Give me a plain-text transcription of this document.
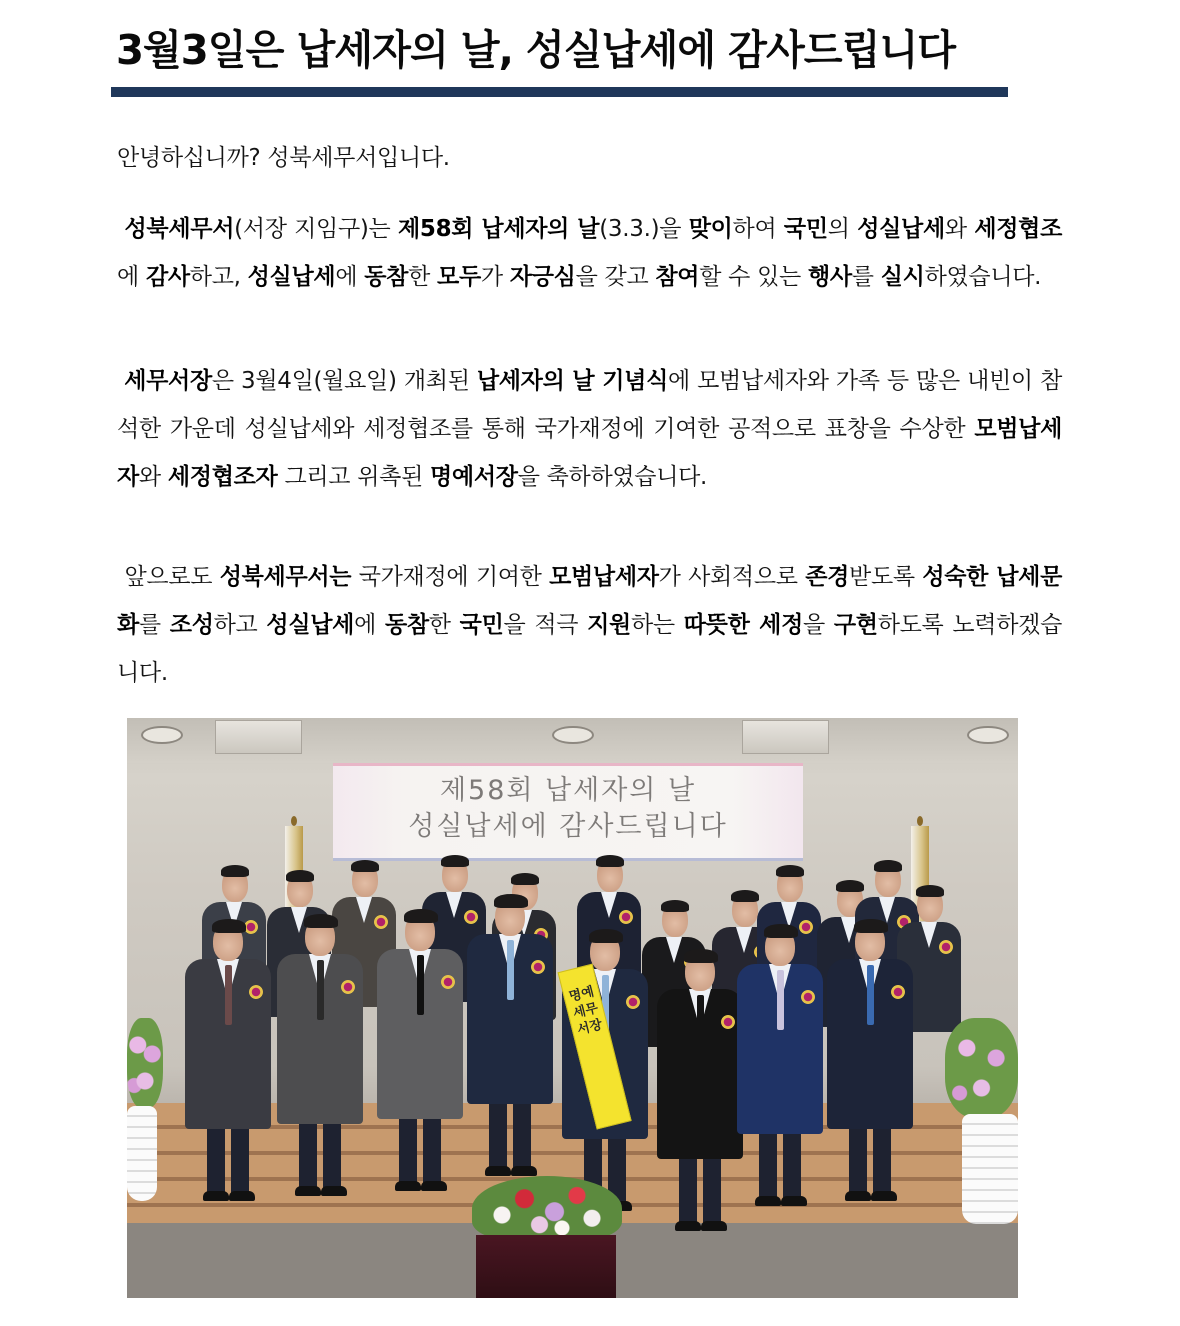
3월3일은 납세자의 날, 성실납세에 감사드립니다
안녕하십니까? 성북세무서입니다.
성북세무서(서장 지임구)는 제58회 납세자의 날(3.3.)을 맞이하여 국민의 성실납세와 세정협조에 감사하고, 성실납세에 동참한 모두가 자긍심을 갖고 참여할 수 있는 행사를 실시하였습니다.
세무서장은 3월4일(월요일) 개최된 납세자의 날 기념식에 모범납세자와 가족 등 많은 내빈이 참석한 가운데 성실납세와 세정협조를 통해 국가재정에 기여한 공적으로 표창을 수상한 모범납세자와 세정협조자 그리고 위촉된 명예서장을 축하하였습니다.
앞으로도 성북세무서는 국가재정에 기여한 모범납세자가 사회적으로 존경받도록 성숙한 납세문화를 조성하고 성실납세에 동참한 국민을 적극 지원하는 따뜻한 세정을 구현하도록 노력하겠습니다.
제58회 납세자의 날
성실납세에 감사드립니다
명예세무서장
